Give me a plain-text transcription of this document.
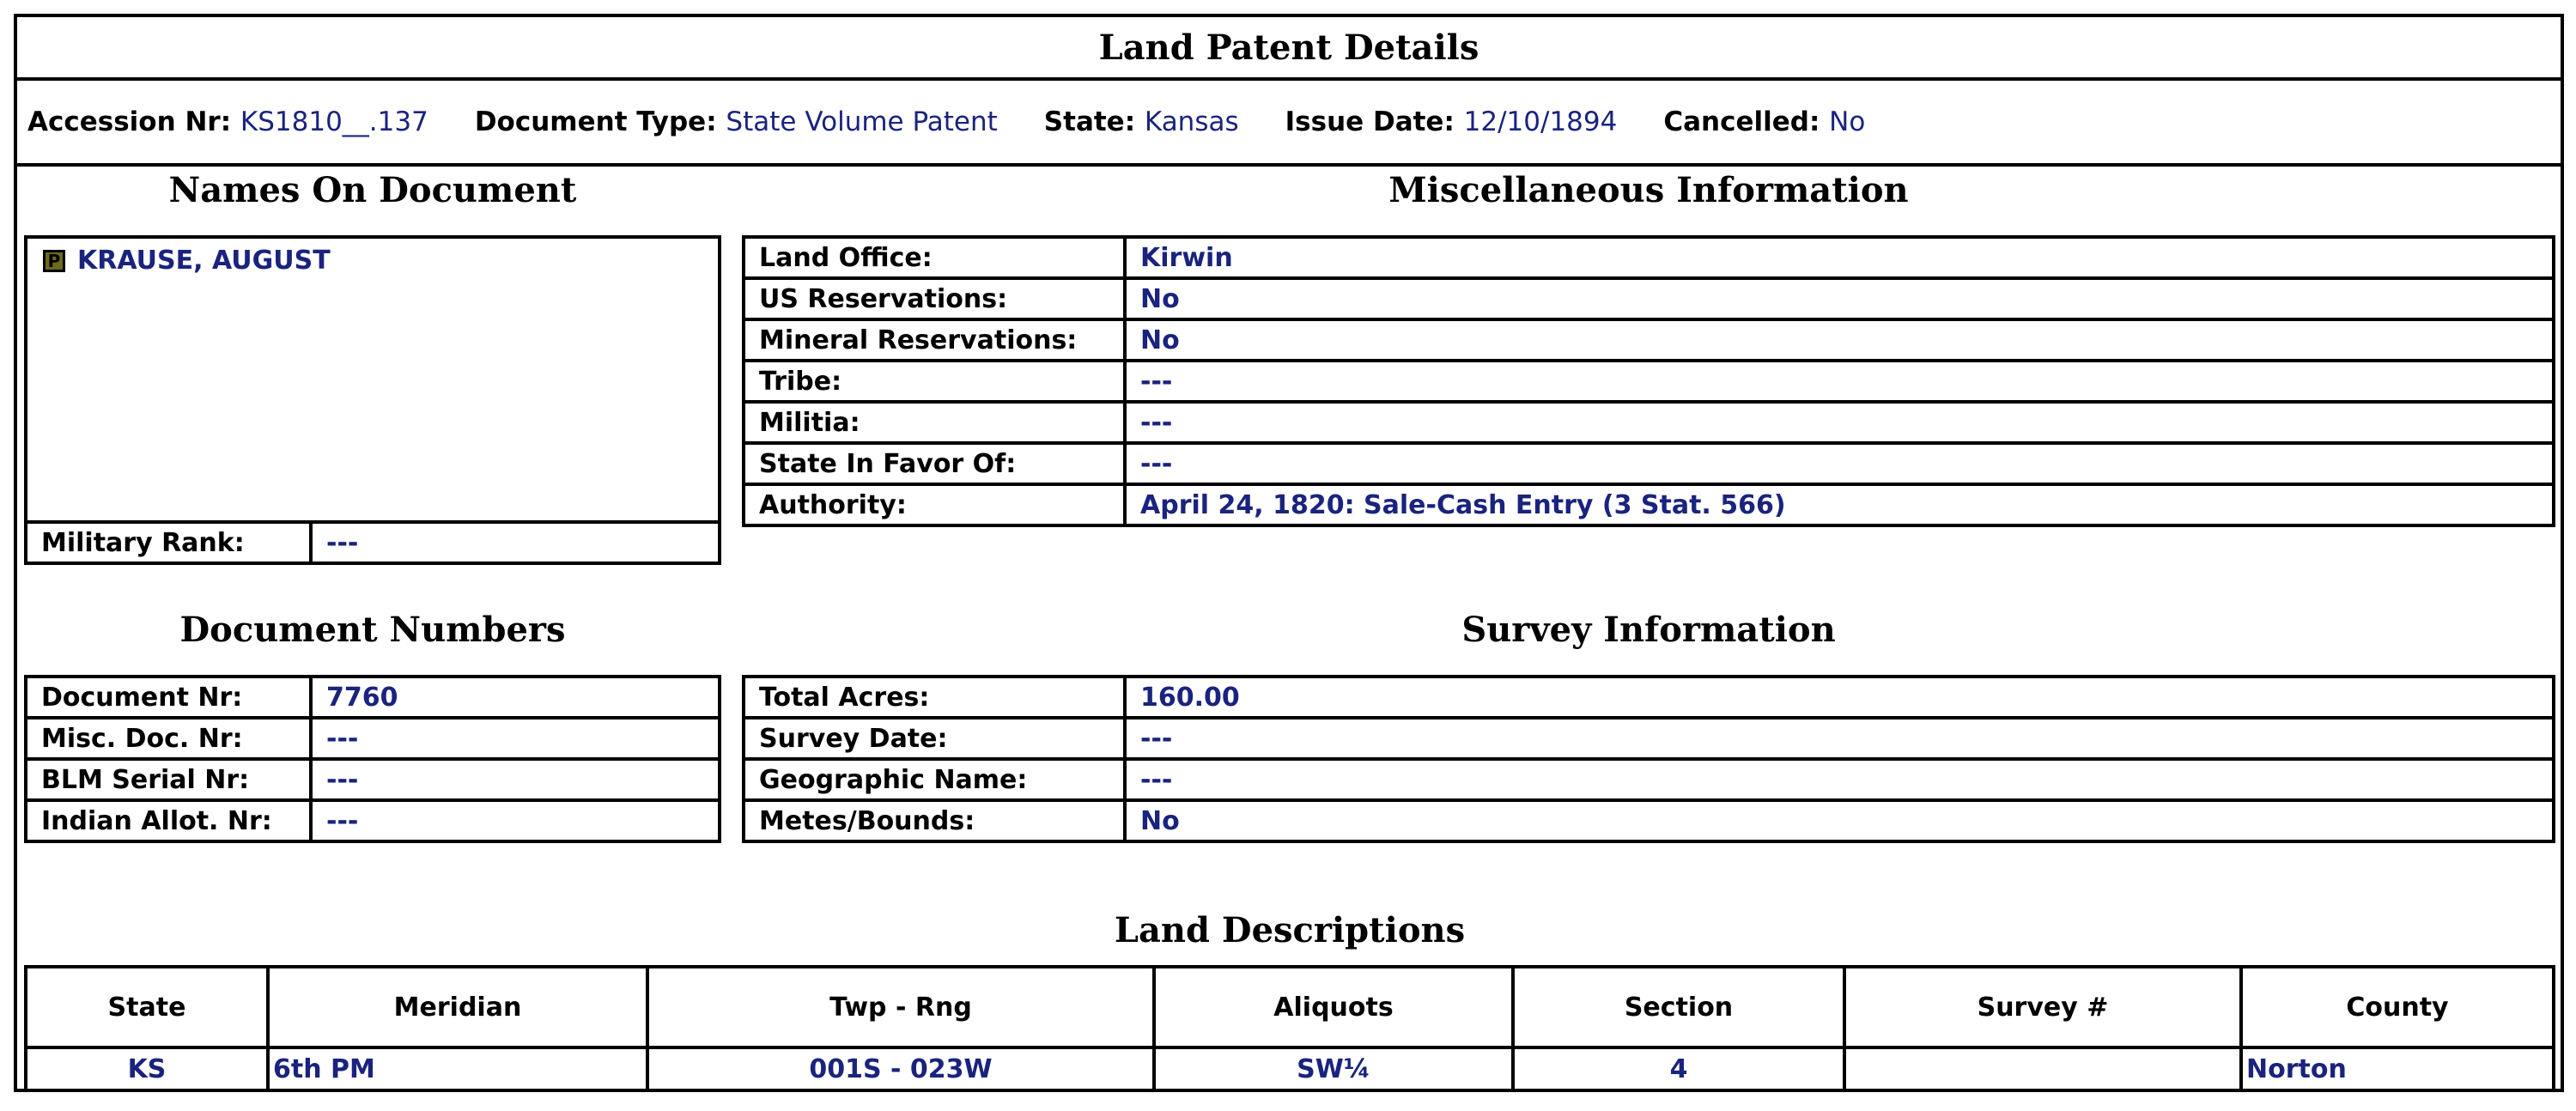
Land Patent Details
Accession Nr: KS1810__.137 Document Type: State Volume Patent State: Kansas Issue Date: 12/10/1894 Cancelled: No
Names On Document
P KRAUSE, AUGUST
Military Rank:	---
Miscellaneous Information
Land Office:	Kirwin
US Reservations:	No
Mineral Reservations:	No
Tribe:	---
Militia:	---
State In Favor Of:	---
Authority:	April 24, 1820: Sale-Cash Entry (3 Stat. 566)
Document Numbers
Document Nr:	7760
Misc. Doc. Nr:	---
BLM Serial Nr:	---
Indian Allot. Nr:	---
Survey Information
Total Acres:	160.00
Survey Date:	---
Geographic Name:	---
Metes/Bounds:	No
Land Descriptions
State	Meridian	Twp - Rng	Aliquots	Section	Survey #	County
KS	6th PM	001S - 023W	SW¼	4		Norton
